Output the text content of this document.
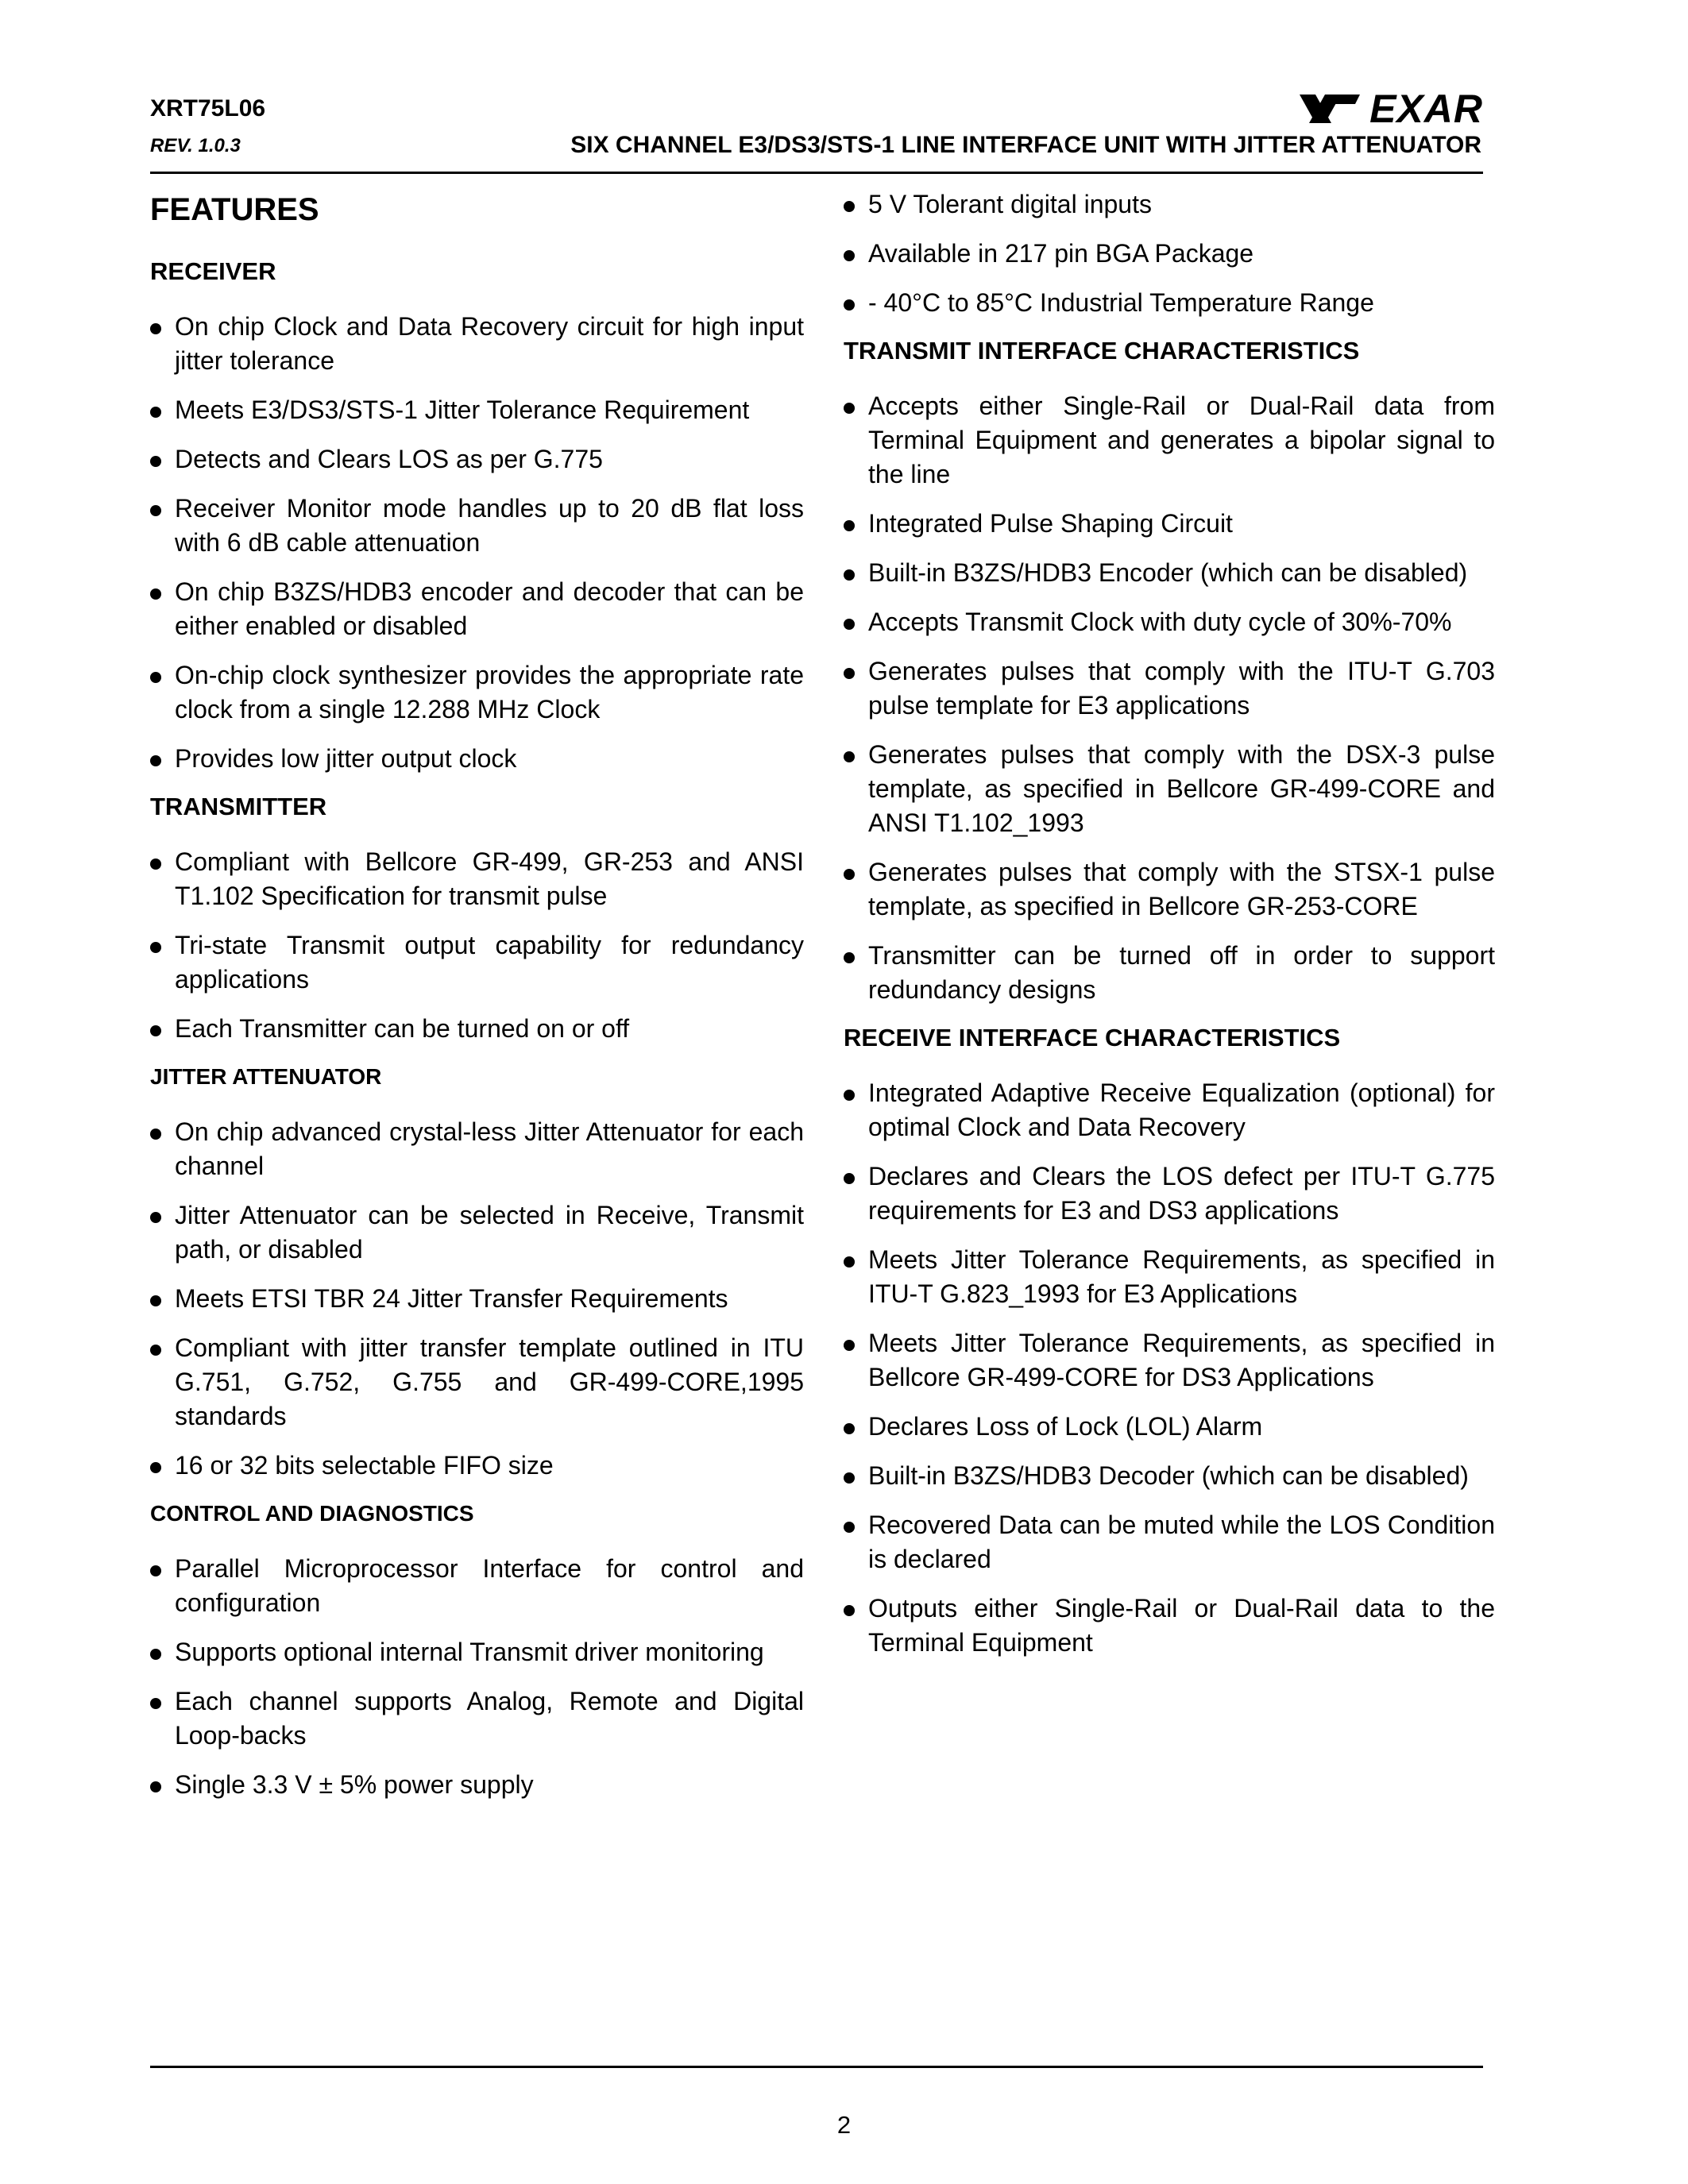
XRT75L06
REV. 1.0.3
EXAR
SIX CHANNEL E3/DS3/STS-1 LINE INTERFACE UNIT WITH JITTER ATTENUATOR
FEATURES
RECEIVER
On chip Clock and Data Recovery circuit for high input jitter tolerance
Meets E3/DS3/STS-1 Jitter Tolerance Requirement
Detects and Clears LOS as per G.775
Receiver Monitor mode handles up to 20 dB flat loss with 6 dB cable attenuation
On chip B3ZS/HDB3 encoder and decoder that can be either enabled or disabled
On-chip clock synthesizer provides the appropriate rate clock from a single 12.288 MHz Clock
Provides low jitter output clock
TRANSMITTER
Compliant with Bellcore GR-499, GR-253 and ANSI T1.102 Specification for transmit pulse
Tri-state Transmit output capability for redundancy applications
Each Transmitter can be turned on or off
JITTER ATTENUATOR
On chip advanced crystal-less Jitter Attenuator for each channel
Jitter Attenuator can be selected in Receive, Transmit path, or disabled
Meets ETSI TBR 24 Jitter Transfer Requirements
Compliant with jitter transfer template outlined in ITU G.751, G.752, G.755 and GR-499-CORE,1995 standards
16 or 32 bits selectable FIFO size
CONTROL AND DIAGNOSTICS
Parallel Microprocessor Interface for control and configuration
Supports optional internal Transmit driver monitoring
Each channel supports Analog, Remote and Digital Loop-backs
Single 3.3 V ± 5% power supply
5 V Tolerant digital inputs
Available in 217 pin BGA Package
- 40°C to 85°C Industrial Temperature Range
TRANSMIT INTERFACE CHARACTERISTICS
Accepts either Single-Rail or Dual-Rail data from Terminal Equipment and generates a bipolar signal to the line
Integrated Pulse Shaping Circuit
Built-in B3ZS/HDB3 Encoder (which can be disabled)
Accepts Transmit Clock with duty cycle of 30%-70%
Generates pulses that comply with the ITU-T G.703 pulse template for E3 applications
Generates pulses that comply with the DSX-3 pulse template, as specified in Bellcore GR-499-CORE and ANSI T1.102_1993
Generates pulses that comply with the STSX-1 pulse template, as specified in Bellcore GR-253-CORE
Transmitter can be turned off in order to support redundancy designs
RECEIVE INTERFACE CHARACTERISTICS
Integrated Adaptive Receive Equalization (optional) for optimal Clock and Data Recovery
Declares and Clears the LOS defect per ITU-T G.775 requirements for E3 and DS3 applications
Meets Jitter Tolerance Requirements, as specified in ITU-T G.823_1993 for E3 Applications
Meets Jitter Tolerance Requirements, as specified in Bellcore GR-499-CORE for DS3 Applications
Declares Loss of Lock (LOL) Alarm
Built-in B3ZS/HDB3 Decoder (which can be disabled)
Recovered Data can be muted while the LOS Condition is declared
Outputs either Single-Rail or Dual-Rail data to the Terminal Equipment
2
